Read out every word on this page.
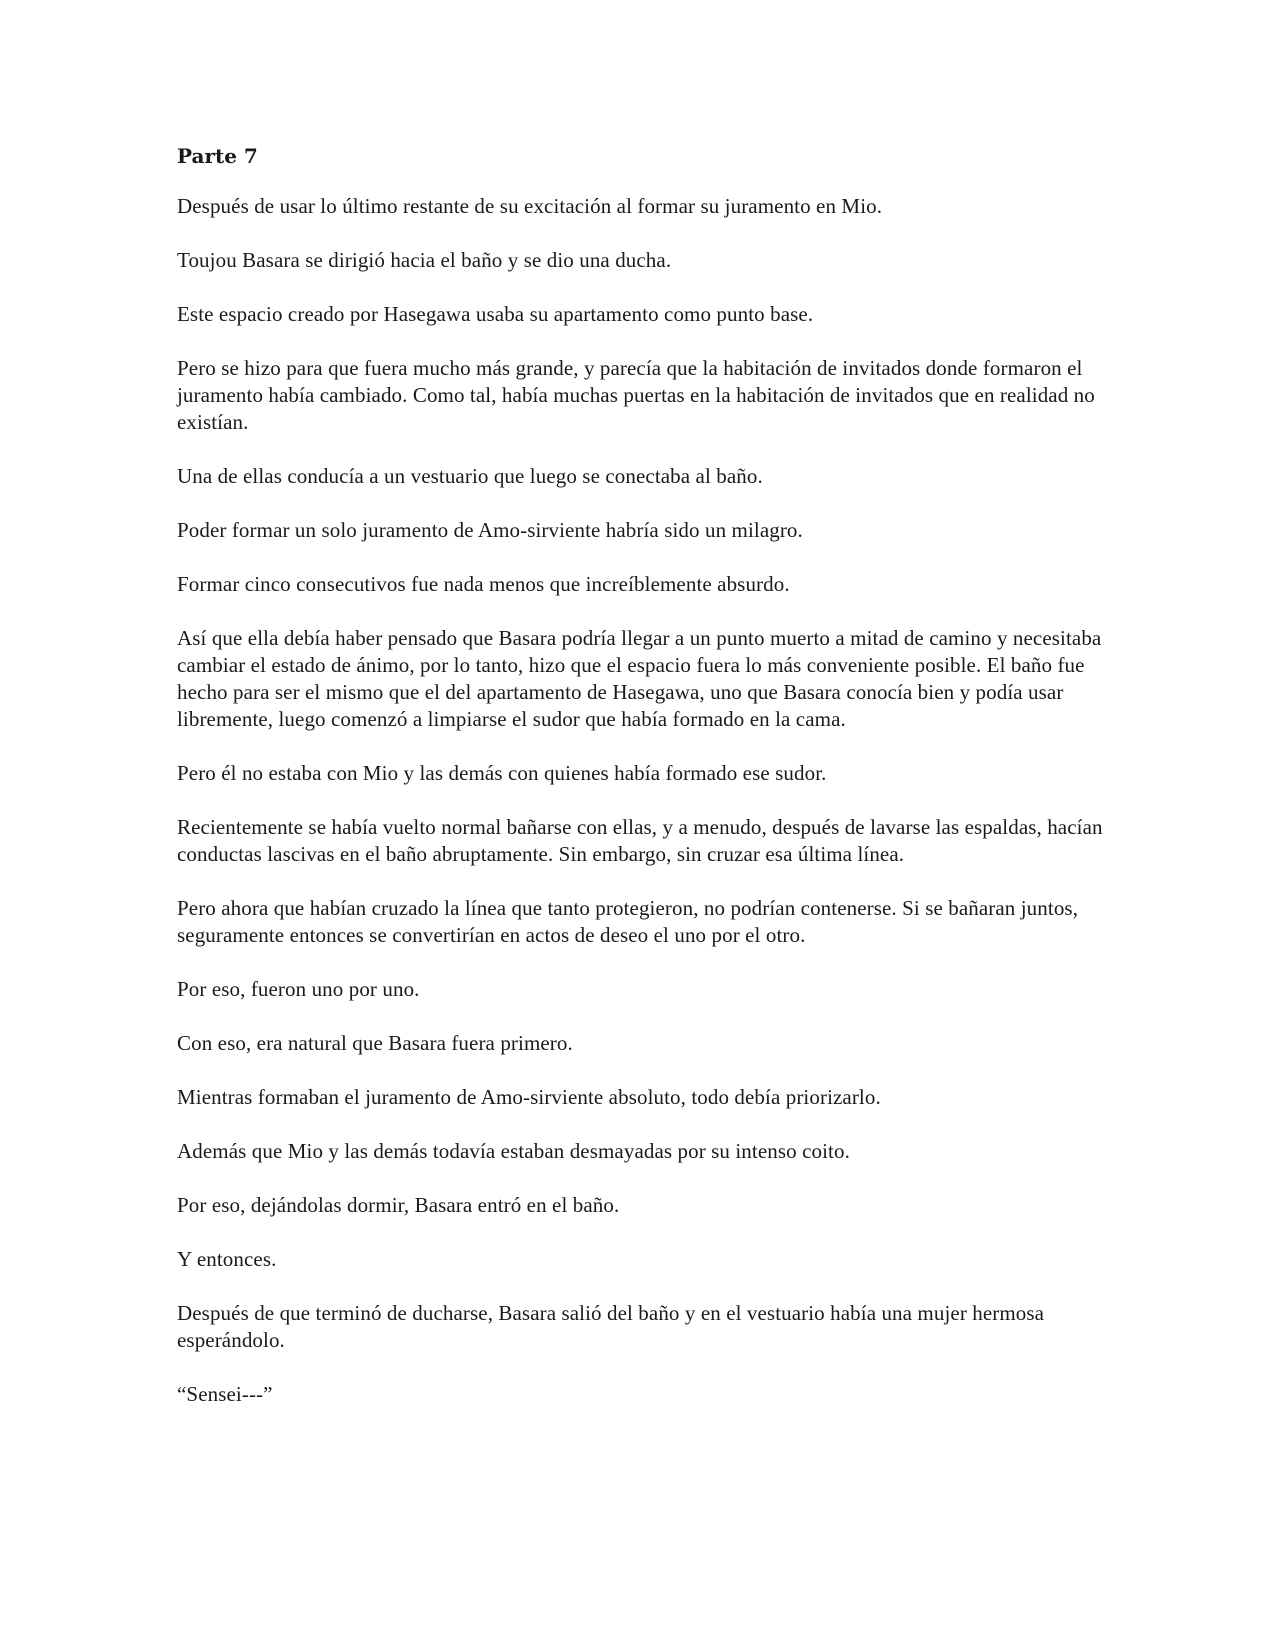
Parte 7

Después de usar lo último restante de su excitación al formar su juramento en Mio.

Toujou Basara se dirigió hacia el baño y se dio una ducha.

Este espacio creado por Hasegawa usaba su apartamento como punto base.

Pero se hizo para que fuera mucho más grande, y parecía que la habitación de invitados donde formaron el juramento había cambiado. Como tal, había muchas puertas en la habitación de invitados que en realidad no existían.

Una de ellas conducía a un vestuario que luego se conectaba al baño.

Poder formar un solo juramento de Amo-sirviente habría sido un milagro.

Formar cinco consecutivos fue nada menos que increíblemente absurdo.

Así que ella debía haber pensado que Basara podría llegar a un punto muerto a mitad de camino y necesitaba cambiar el estado de ánimo, por lo tanto, hizo que el espacio fuera lo más conveniente posible. El baño fue hecho para ser el mismo que el del apartamento de Hasegawa, uno que Basara conocía bien y podía usar libremente, luego comenzó a limpiarse el sudor que había formado en la cama.

Pero él no estaba con Mio y las demás con quienes había formado ese sudor.

Recientemente se había vuelto normal bañarse con ellas, y a menudo, después de lavarse las espaldas, hacían conductas lascivas en el baño abruptamente. Sin embargo, sin cruzar esa última línea.

Pero ahora que habían cruzado la línea que tanto protegieron, no podrían contenerse. Si se bañaran juntos, seguramente entonces se convertirían en actos de deseo el uno por el otro.

Por eso, fueron uno por uno.

Con eso, era natural que Basara fuera primero.

Mientras formaban el juramento de Amo-sirviente absoluto, todo debía priorizarlo.

Además que Mio y las demás todavía estaban desmayadas por su intenso coito.

Por eso, dejándolas dormir, Basara entró en el baño.

Y entonces.

Después de que terminó de ducharse, Basara salió del baño y en el vestuario había una mujer hermosa esperándolo.

“Sensei---”
